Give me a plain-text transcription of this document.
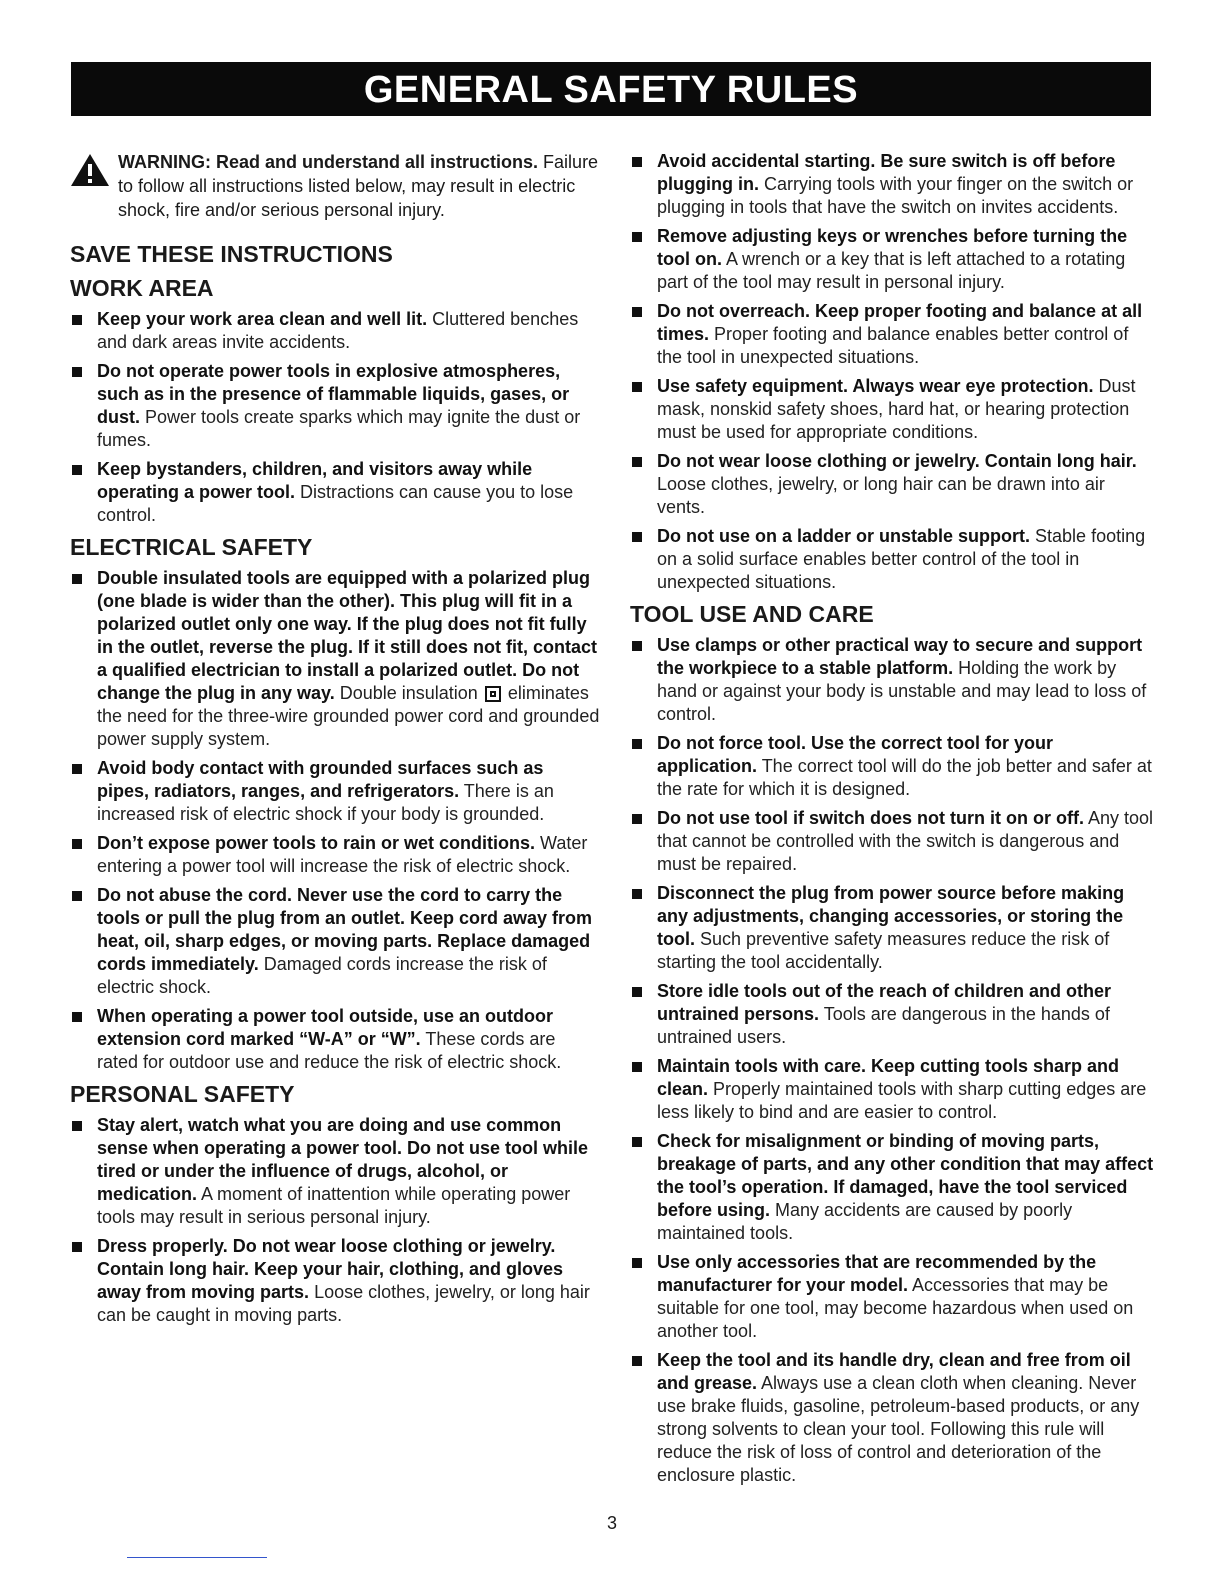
GENERAL SAFETY RULES
WARNING: Read and understand all instructions. Failure to follow all instructions listed below, may result in electric shock, fire and/or serious personal injury.
SAVE THESE INSTRUCTIONS
WORK AREA
Keep your work area clean and well lit. Cluttered benches and dark areas invite accidents.
Do not operate power tools in explosive atmospheres, such as in the presence of flammable liquids, gases, or dust. Power tools create sparks which may ignite the dust or fumes.
Keep bystanders, children, and visitors away while operating a power tool. Distractions can cause you to lose control.
ELECTRICAL SAFETY
Double insulated tools are equipped with a polarized plug (one blade is wider than the other). This plug will fit in a polarized outlet only one way. If the plug does not fit fully in the outlet, reverse the plug. If it still does not fit, contact a qualified electrician to install a polarized outlet. Do not change the plug in any way. Double insulation  eliminates the need for the three-wire grounded power cord and grounded power supply system.
Avoid body contact with grounded surfaces such as pipes, radiators, ranges, and refrigerators. There is an increased risk of electric shock if your body is grounded.
Don’t expose power tools to rain or wet conditions. Water entering a power tool will increase the risk of electric shock.
Do not abuse the cord. Never use the cord to carry the tools or pull the plug from an outlet. Keep cord away from heat, oil, sharp edges, or moving parts. Replace damaged cords immediately. Damaged cords increase the risk of electric shock.
When operating a power tool outside, use an outdoor extension cord marked “W-A” or “W”. These cords are rated for outdoor use and reduce the risk of electric shock.
PERSONAL SAFETY
Stay alert, watch what you are doing and use common sense when operating a power tool. Do not use tool while tired or under the influence of drugs, alcohol, or medication. A moment of inattention while operating power tools may result in serious personal injury.
Dress properly. Do not wear loose clothing or jewelry. Contain long hair. Keep your hair, clothing, and gloves away from moving parts. Loose clothes, jewelry, or long hair can be caught in moving parts.
Avoid accidental starting. Be sure switch is off before plugging in. Carrying tools with your finger on the switch or plugging in tools that have the switch on invites accidents.
Remove adjusting keys or wrenches before turning the tool on. A wrench or a key that is left attached to a rotating part of the tool may result in personal injury.
Do not overreach. Keep proper footing and balance at all times. Proper footing and balance enables better control of the tool in unexpected situations.
Use safety equipment. Always wear eye protection. Dust mask, nonskid safety shoes, hard hat, or hearing protection must be used for appropriate conditions.
Do not wear loose clothing or jewelry. Contain long hair. Loose clothes, jewelry, or long hair can be drawn into air vents.
Do not use on a ladder or unstable support. Stable footing on a solid surface enables better control of the tool in unexpected situations.
TOOL USE AND CARE
Use clamps or other practical way to secure and support the workpiece to a stable platform. Holding the work by hand or against your body is unstable and may lead to loss of control.
Do not force tool. Use the correct tool for your application. The correct tool will do the job better and safer at the rate for which it is designed.
Do not use tool if switch does not turn it on or off. Any tool that cannot be controlled with the switch is dangerous and must be repaired.
Disconnect the plug from power source before making any adjustments, changing accessories, or storing the tool. Such preventive safety measures reduce the risk of starting the tool accidentally.
Store idle tools out of the reach of children and other untrained persons. Tools are dangerous in the hands of untrained users.
Maintain tools with care. Keep cutting tools sharp and clean. Properly maintained tools with sharp cutting edges are less likely to bind and are easier to control.
Check for misalignment or binding of moving parts, breakage of parts, and any other condition that may affect the tool’s operation. If damaged, have the tool serviced before using. Many accidents are caused by poorly maintained tools.
Use only accessories that are recommended by the manufacturer for your model. Accessories that may be suitable for one tool, may become hazardous when used on another tool.
Keep the tool and its handle dry, clean and free from oil and grease. Always use a clean cloth when cleaning. Never use brake fluids, gasoline, petroleum-based products, or any strong solvents to clean your tool. Following this rule will reduce the risk of loss of control and deterioration of the enclosure plastic.
3
